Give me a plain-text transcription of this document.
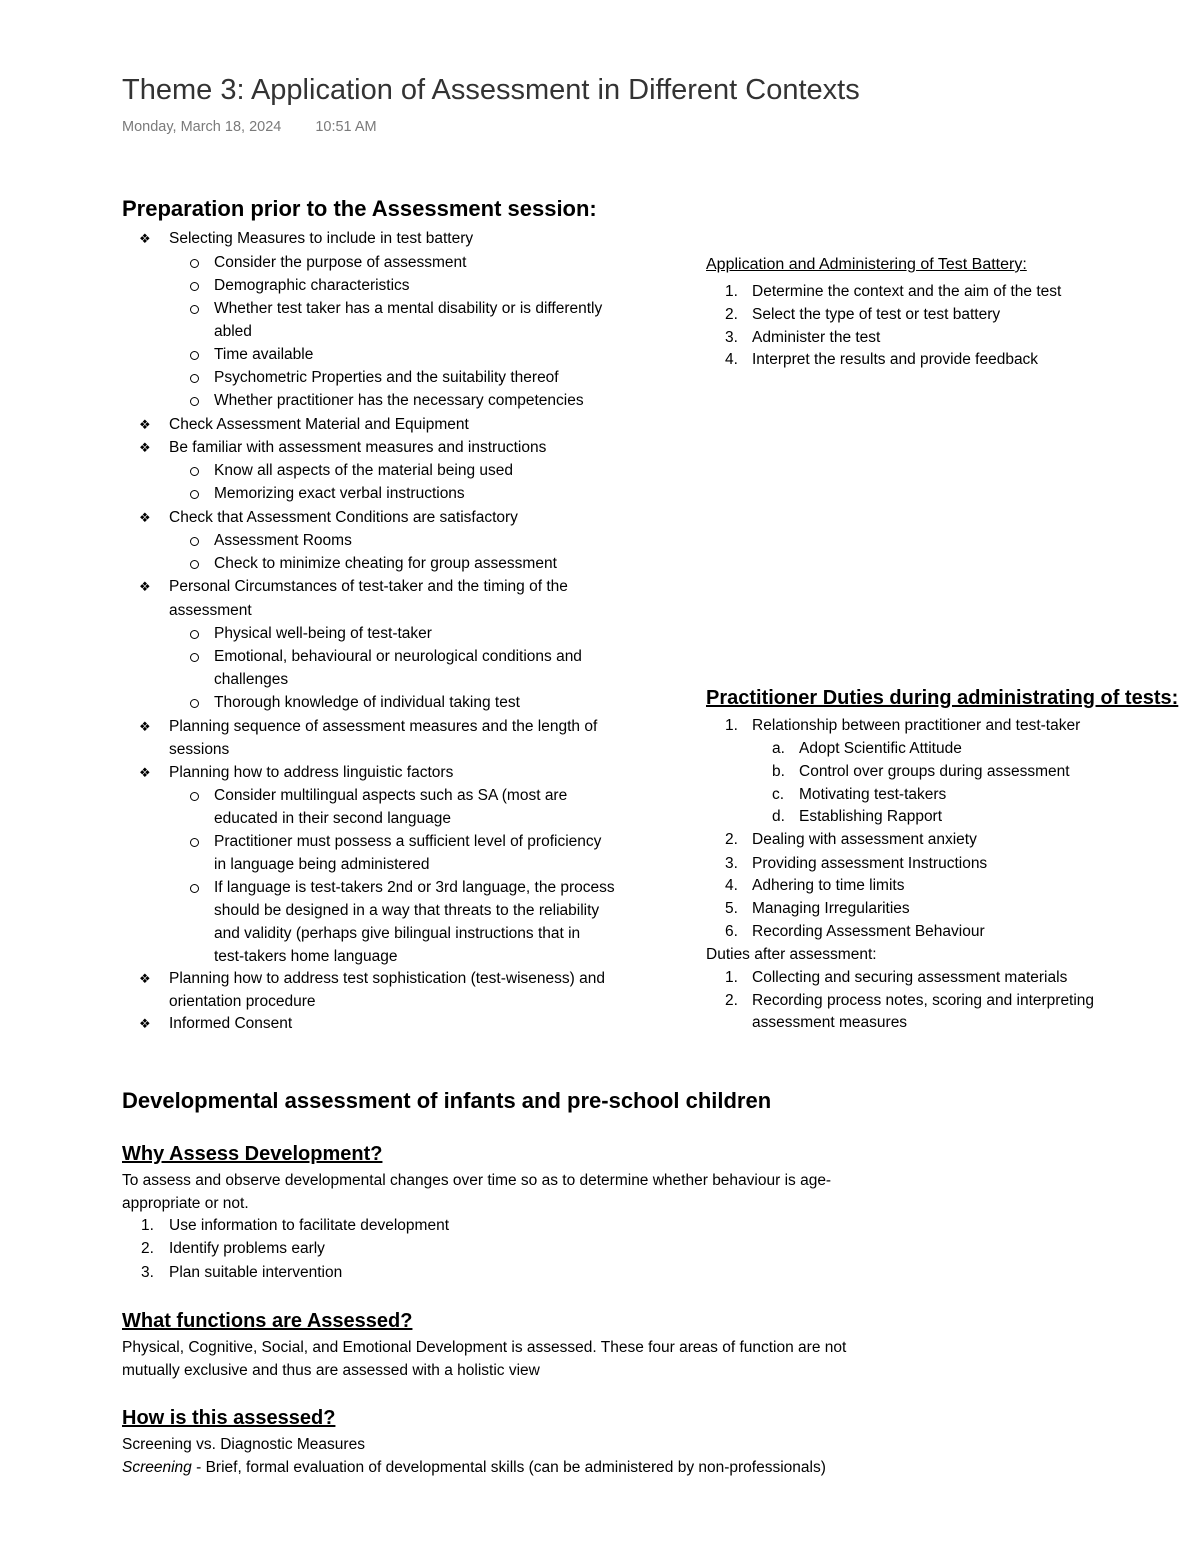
Theme 3: Application of Assessment in Different Contexts
Monday, March 18, 2024 10:51 AM
Preparation prior to the Assessment session:
❖ Selecting Measures to include in test battery
Consider the purpose of assessment
Demographic characteristics
Whether test taker has a mental disability or is differently
abled
Time available
Psychometric Properties and the suitability thereof
Whether practitioner has the necessary competencies
❖ Check Assessment Material and Equipment
❖ Be familiar with assessment measures and instructions
Know all aspects of the material being used
Memorizing exact verbal instructions
❖ Check that Assessment Conditions are satisfactory
Assessment Rooms
Check to minimize cheating for group assessment
❖ Personal Circumstances of test-taker and the timing of the
assessment
Physical well-being of test-taker
Emotional, behavioural or neurological conditions and
challenges
Thorough knowledge of individual taking test
❖ Planning sequence of assessment measures and the length of
sessions
❖ Planning how to address linguistic factors
Consider multilingual aspects such as SA (most are
educated in their second language
Practitioner must possess a sufficient level of proficiency
in language being administered
If language is test-takers 2nd or 3rd language, the process
should be designed in a way that threats to the reliability
and validity (perhaps give bilingual instructions that in
test-takers home language
❖ Planning how to address test sophistication (test-wiseness) and
orientation procedure
❖ Informed Consent
Application and Administering of Test Battery:
1. Determine the context and the aim of the test
2. Select the type of test or test battery
3. Administer the test
4. Interpret the results and provide feedback
Practitioner Duties during administrating of tests:
1. Relationship between practitioner and test-taker
a. Adopt Scientific Attitude
b. Control over groups during assessment
c. Motivating test-takers
d. Establishing Rapport
2. Dealing with assessment anxiety
3. Providing assessment Instructions
4. Adhering to time limits
5. Managing Irregularities
6. Recording Assessment Behaviour
Duties after assessment:
1. Collecting and securing assessment materials
2. Recording process notes, scoring and interpreting
assessment measures
Developmental assessment of infants and pre-school children
Why Assess Development?
To assess and observe developmental changes over time so as to determine whether behaviour is age-
appropriate or not.
1. Use information to facilitate development
2. Identify problems early
3. Plan suitable intervention
What functions are Assessed?
Physical, Cognitive, Social, and Emotional Development is assessed. These four areas of function are not
mutually exclusive and thus are assessed with a holistic view
How is this assessed?
Screening vs. Diagnostic Measures
Screening - Brief, formal evaluation of developmental skills (can be administered by non-professionals)
